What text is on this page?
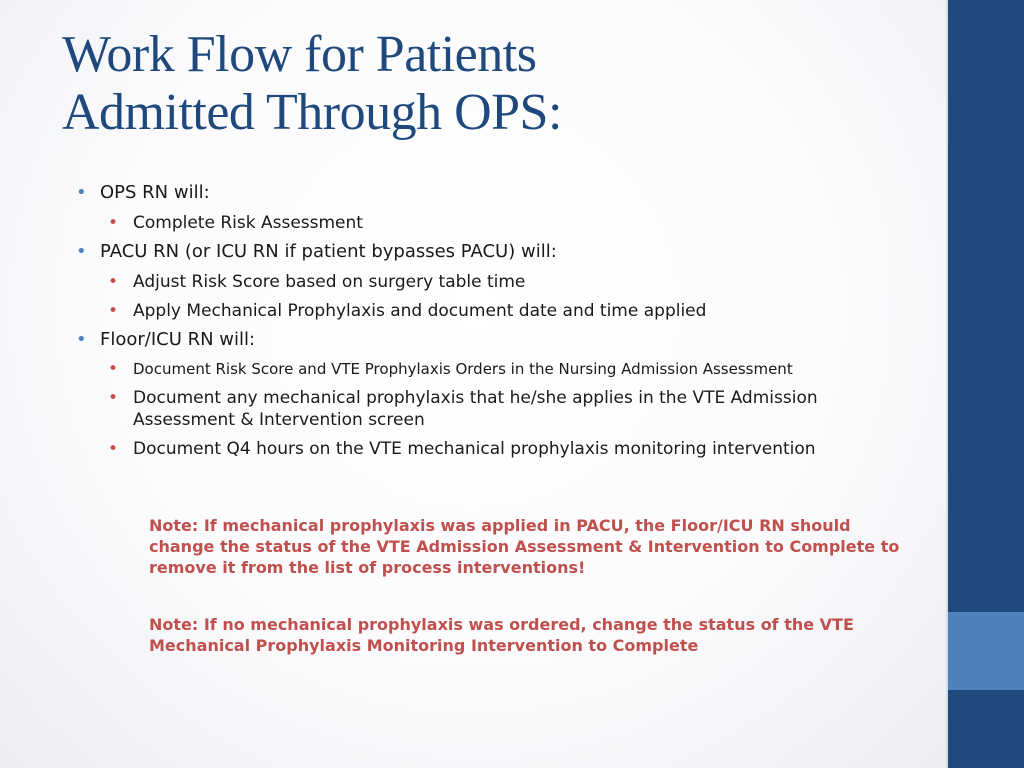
Work Flow for Patients
Admitted Through OPS:
• OPS RN will:
• Complete Risk Assessment
• PACU RN (or ICU RN if patient bypasses PACU) will:
• Adjust Risk Score based on surgery table time
• Apply Mechanical Prophylaxis and document date and time applied
• Floor/ICU RN will:
• Document Risk Score and VTE Prophylaxis Orders in the Nursing Admission Assessment
• Document any mechanical prophylaxis that he/she applies in the VTE Admission Assessment & Intervention screen
• Document Q4 hours on the VTE mechanical prophylaxis monitoring intervention
Note: If mechanical prophylaxis was applied in PACU, the Floor/ICU RN should change the status of the VTE Admission Assessment & Intervention to Complete to remove it from the list of process interventions!
Note: If no mechanical prophylaxis was ordered, change the status of the VTE Mechanical Prophylaxis Monitoring Intervention to Complete
